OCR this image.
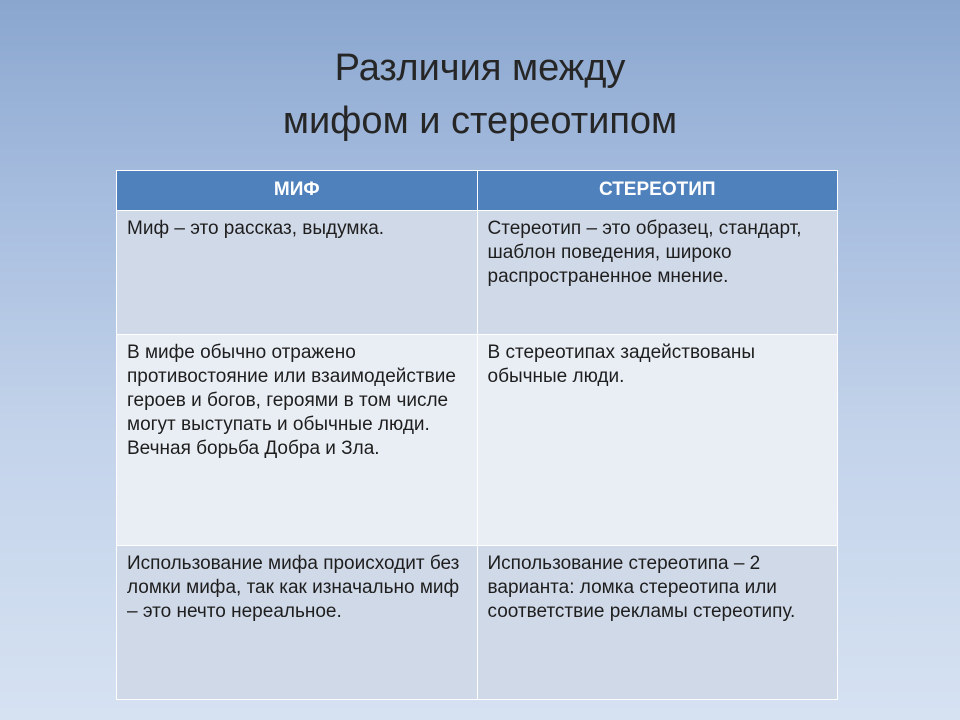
Различия между
мифом и стереотипом
МИФ	СТЕРЕОТИП
Миф – это рассказ, выдумка.	Стереотип – это образец, стандарт, шаблон поведения, широко распространенное мнение.
В мифе обычно отражено противостояние или взаимодействие героев и богов, героями в том числе могут выступать и обычные люди. Вечная борьба Добра и Зла.	В стереотипах задействованы обычные люди.
Использование мифа происходит без ломки мифа, так как изначально миф – это нечто нереальное.	Использование стереотипа – 2 варианта: ломка стереотипа или соответствие рекламы стереотипу.
